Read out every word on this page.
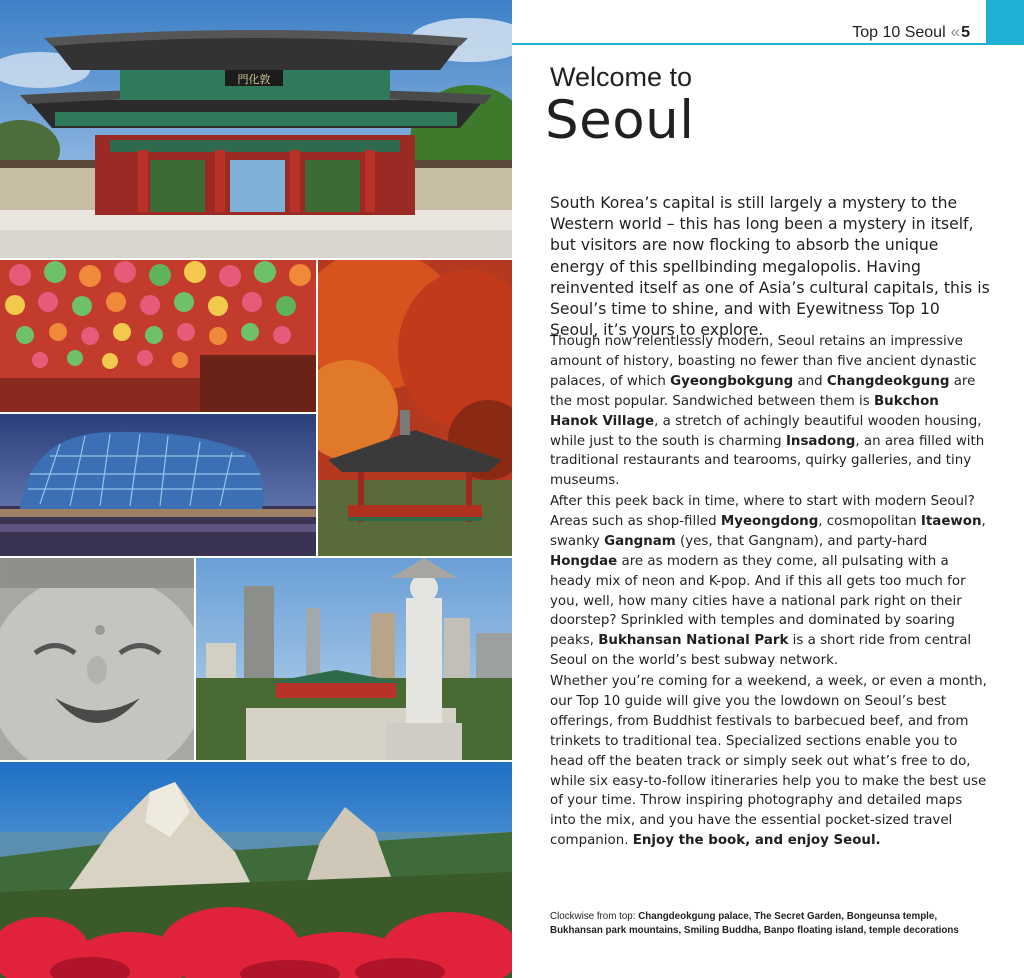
門化敦
Top 10 Seoul « 5
Welcome to
Seoul

South Korea’s capital is still largely a mystery to the Western world – this has long been a mystery in itself, but visitors are now flocking to absorb the unique energy of this spellbinding megalopolis. Having reinvented itself as one of Asia’s cultural capitals, this is Seoul’s time to shine, and with Eyewitness Top 10 Seoul, it’s yours to explore.

Though now relentlessly modern, Seoul retains an impressive amount of history, boasting no fewer than five ancient dynastic palaces, of which Gyeongbokgung and Changdeokgung are the most popular. Sandwiched between them is Bukchon Hanok Village, a stretch of achingly beautiful wooden housing, while just to the south is charming Insadong, an area filled with traditional restaurants and tearooms, quirky galleries, and tiny museums.

After this peek back in time, where to start with modern Seoul? Areas such as shop-filled Myeongdong, cosmopolitan Itaewon, swanky Gangnam (yes, that Gangnam), and party-hard Hongdae are as modern as they come, all pulsating with a heady mix of neon and K-pop. And if this all gets too much for you, well, how many cities have a national park right on their doorstep? Sprinkled with temples and dominated by soaring peaks, Bukhansan National Park is a short ride from central Seoul on the world’s best subway network.

Whether you’re coming for a weekend, a week, or even a month, our Top 10 guide will give you the lowdown on Seoul’s best offerings, from Buddhist festivals to barbecued beef, and from trinkets to traditional tea. Specialized sections enable you to head off the beaten track or simply seek out what’s free to do, while six easy-to-follow itineraries help you to make the best use of your time. Throw inspiring photography and detailed maps into the mix, and you have the essential pocket-sized travel companion. Enjoy the book, and enjoy Seoul.

Clockwise from top: Changdeokgung palace, The Secret Garden, Bongeunsa temple, Bukhansan park mountains, Smiling Buddha, Banpo floating island, temple decorations
